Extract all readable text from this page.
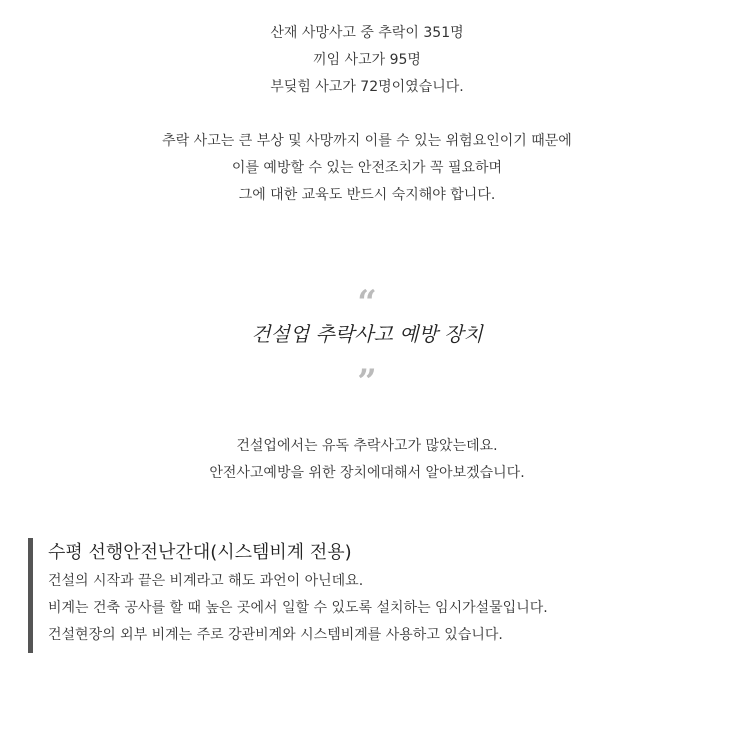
산재 사망사고 중 추락이 351명

끼임 사고가 95명

부딪힘 사고가 72명이였습니다.

추락 사고는 큰 부상 및 사망까지 이를 수 있는 위험요인이기 때문에

이를 예방할 수 있는 안전조치가 꼭 필요하며

그에 대한 교육도 반드시 숙지해야 합니다.

“
건설업 추락사고 예방 장치
”

건설업에서는 유독 추락사고가 많았는데요.

안전사고예방을 위한 장치에대해서 알아보겠습니다.

수평 선행안전난간대(시스템비계 전용)

건설의 시작과 끝은 비계라고 해도 과언이 아닌데요.

비계는 건축 공사를 할 때 높은 곳에서 일할 수 있도록 설치하는 임시가설물입니다.

건설현장의 외부 비계는 주로 강관비계와 시스템비계를 사용하고 있습니다.
